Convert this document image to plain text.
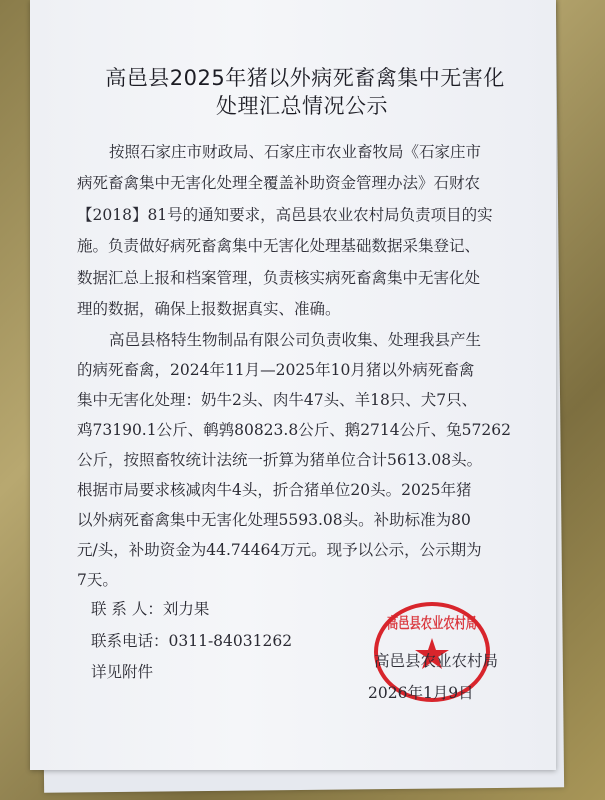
高邑县2025年猪以外病死畜禽集中无害化
处理汇总情况公示
按照石家庄市财政局、石家庄市农业畜牧局《石家庄市
病死畜禽集中无害化处理全覆盖补助资金管理办法》石财农
【2018】81号的通知要求，高邑县农业农村局负责项目的实
施。负责做好病死畜禽集中无害化处理基础数据采集登记、
数据汇总上报和档案管理，负责核实病死畜禽集中无害化处
理的数据，确保上报数据真实、准确。
高邑县格特生物制品有限公司负责收集、处理我县产生
的病死畜禽，2024年11月—2025年10月猪以外病死畜禽
集中无害化处理：奶牛2头、肉牛47头、羊18只、犬7只、
鸡73190.1公斤、鹌鹑80823.8公斤、鹅2714公斤、兔57262
公斤，按照畜牧统计法统一折算为猪单位合计5613.08头。
根据市局要求核减肉牛4头，折合猪单位20头。2025年猪
以外病死畜禽集中无害化处理5593.08头。补助标准为80
元/头，补助资金为44.74464万元。现予以公示，公示期为
7天。
联 系 人：刘力果
联系电话：0311-84031262
详见附件
高邑县农业农村局
高邑县农业农村局
2026年1月9日
